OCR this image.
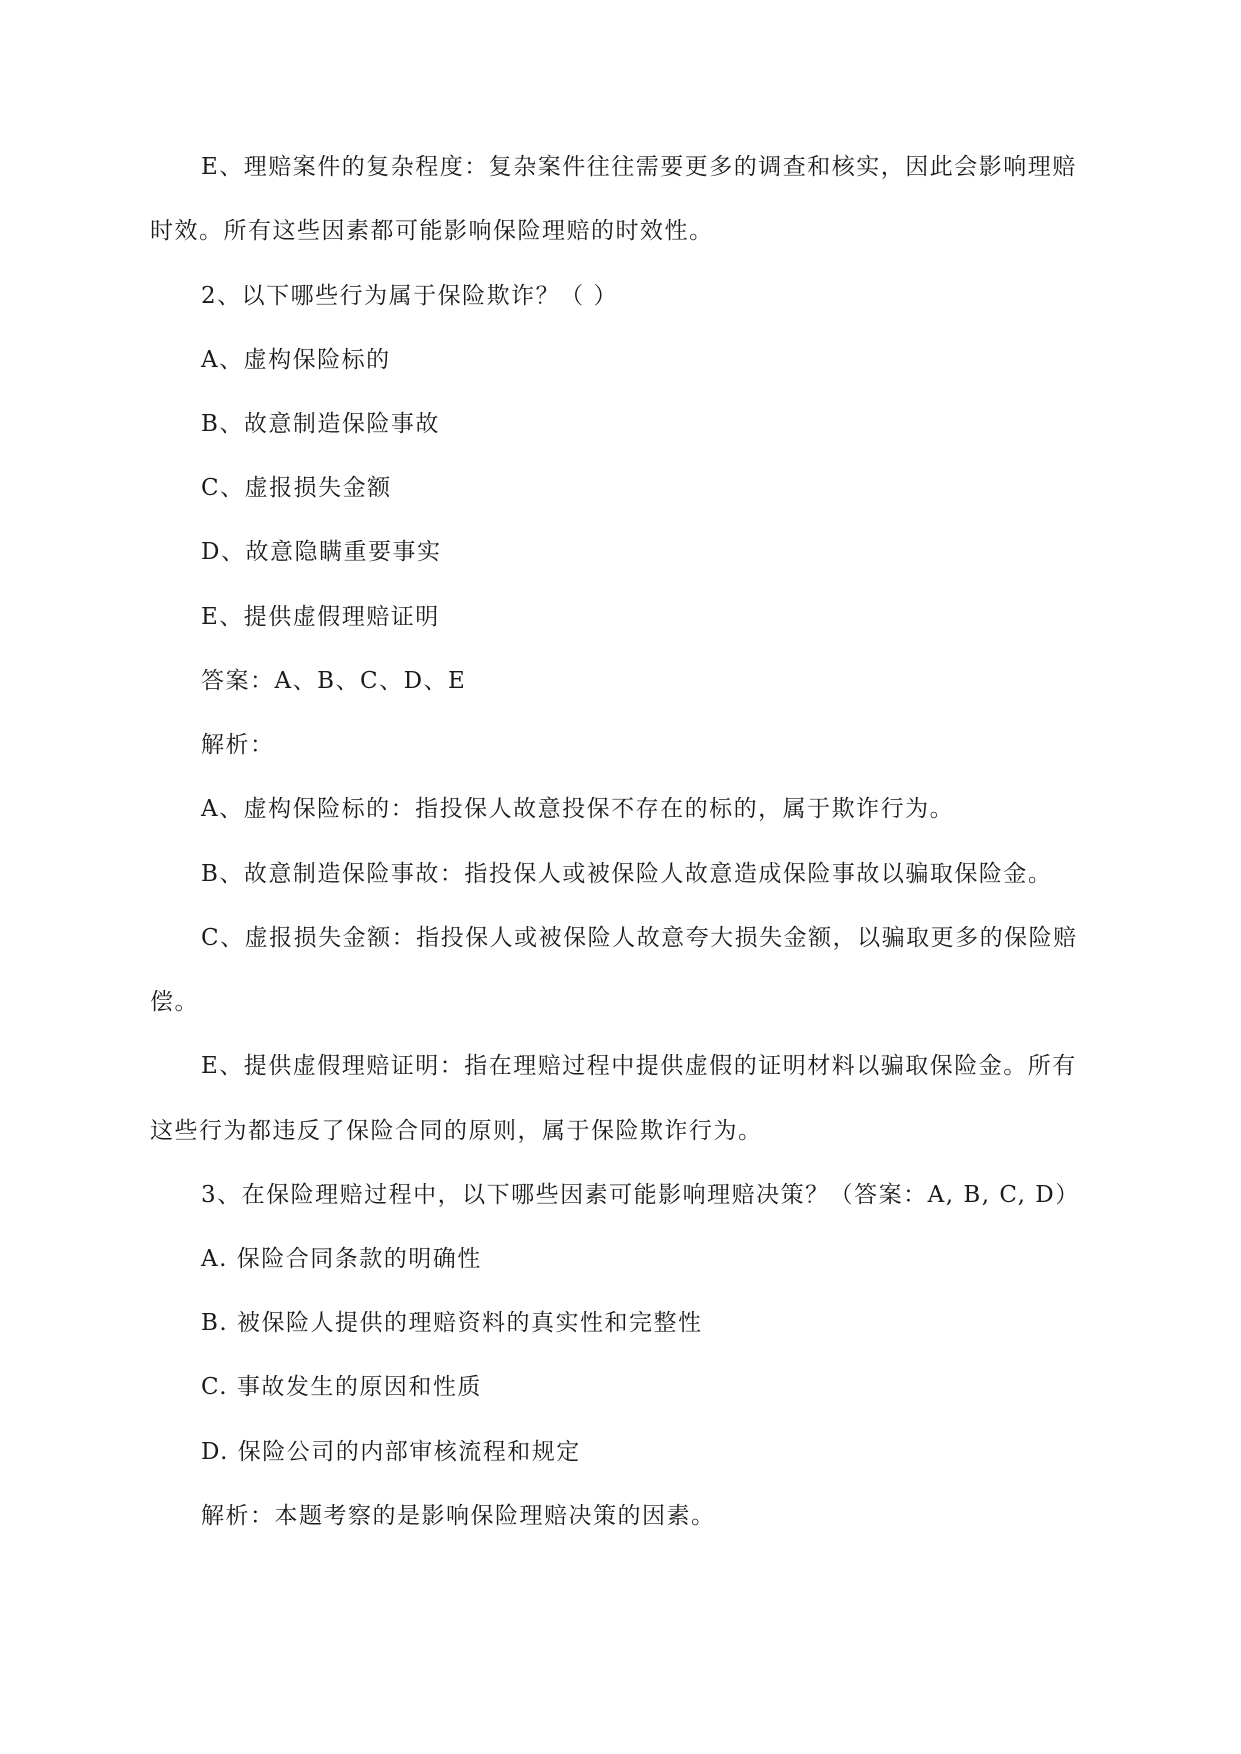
E、理赔案件的复杂程度：复杂案件往往需要更多的调查和核实，因此会影响理赔
时效。所有这些因素都可能影响保险理赔的时效性。
2、以下哪些行为属于保险欺诈？（ ）
A、虚构保险标的
B、故意制造保险事故
C、虚报损失金额
D、故意隐瞒重要事实
E、提供虚假理赔证明
答案：A、B、C、D、E
解析：
A、虚构保险标的：指投保人故意投保不存在的标的，属于欺诈行为。
B、故意制造保险事故：指投保人或被保险人故意造成保险事故以骗取保险金。
C、虚报损失金额：指投保人或被保险人故意夸大损失金额，以骗取更多的保险赔
偿。
E、提供虚假理赔证明：指在理赔过程中提供虚假的证明材料以骗取保险金。所有
这些行为都违反了保险合同的原则，属于保险欺诈行为。
3、在保险理赔过程中，以下哪些因素可能影响理赔决策？（答案：A, B, C, D）
A. 保险合同条款的明确性
B. 被保险人提供的理赔资料的真实性和完整性
C. 事故发生的原因和性质
D. 保险公司的内部审核流程和规定
解析：本题考察的是影响保险理赔决策的因素。
